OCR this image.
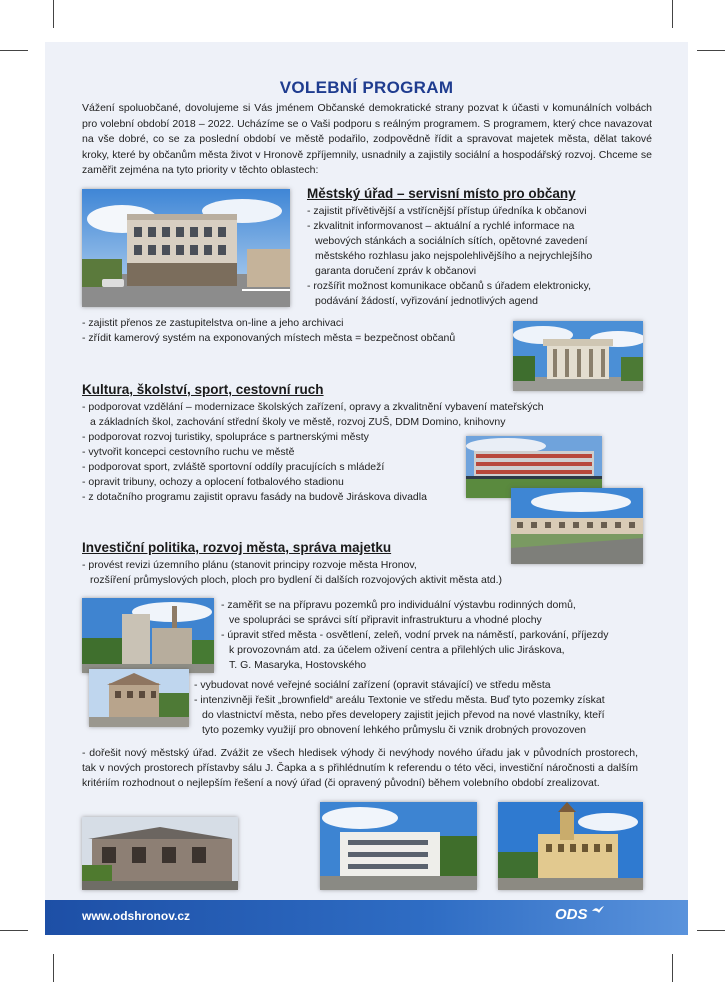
VOLEBNÍ PROGRAM
Vážení spoluobčané, dovolujeme si Vás jménem Občanské demokratické strany pozvat k účasti v komunálních volbách pro volební období 2018 – 2022. Ucházíme se o Vaši podporu s reálným programem. S programem, který chce navazovat na vše dobré, co se za poslední období ve městě podařilo, zodpovědně řídit a spravovat majetek města, dělat takové kroky, které by občanům města život v Hronově zpříjemnily, usnadnily a zajistily sociální a hospodářský rozvoj. Chceme se zaměřit zejména na tyto priority v těchto oblastech:
Městský úřad – servisní místo pro občany
- zajistit přívětivější a vstřícnější přístup úředníka k občanovi
- zkvalitnit informovanost – aktuální a rychlé informace na
webových stánkách a sociálních sítích, opětovné zavedení
městského rozhlasu jako nejspolehlivějšího a nejrychlejšího
garanta doručení zpráv k občanovi
- rozšířit možnost komunikace občanů s úřadem elektronicky,
podávání žádostí, vyřizování jednotlivých agend
- zajistit přenos ze zastupitelstva on-line a jeho archivaci
- zřídit kamerový systém na exponovaných místech města = bezpečnost občanů
Kultura, školství, sport, cestovní ruch
- podporovat vzdělání – modernizace školských zařízení, opravy a zkvalitnění vybavení mateřských
a základních škol, zachování střední školy ve městě, rozvoj ZUŠ, DDM Domino, knihovny
- podporovat rozvoj turistiky, spolupráce s partnerskými městy
- vytvořit koncepci cestovního ruchu ve městě
- podporovat sport, zvláště sportovní oddíly pracujících s mládeží
- opravit tribuny, ochozy a oplocení fotbalového stadionu
- z dotačního programu zajistit opravu fasády na budově Jiráskova divadla
Investiční politika, rozvoj města, správa majetku
- provést revizi územního plánu (stanovit principy rozvoje města Hronov,
rozšíření průmyslových ploch, ploch pro bydlení či dalších rozvojových aktivit města atd.)
- zaměřit se na přípravu pozemků pro individuální výstavbu rodinných domů,
ve spolupráci se správci sítí připravit infrastrukturu a vhodné plochy
- úpravit střed města - osvětlení, zeleň, vodní prvek na náměstí, parkování, příjezdy
k provozovnám atd. za účelem oživení centra a přilehlých ulic Jiráskova,
T. G. Masaryka, Hostovského
- vybudovat nové veřejné sociální zařízení (opravit stávající) ve středu města
- intenzivněji řešit „brownfield“ areálu Textonie ve středu města. Buď tyto pozemky získat
do vlastnictví města, nebo přes developery zajistit jejich převod na nové vlastníky, kteří
tyto pozemky využijí pro obnovení lehkého průmyslu či vznik drobných provozoven
- dořešit nový městský úřad. Zvážit ze všech hledisek výhody či nevýhody nového úřadu jak v původních prostorech, tak v nových prostorech přístavby sálu J. Čapka a s přihlédnutím k referendu o této věci, investiční náročnosti a dalším kritériím rozhodnout o nejlepším řešení a nový úřad (či opravený původní) během volebního období zrealizovat.
www.odshronov.cz	ODS
